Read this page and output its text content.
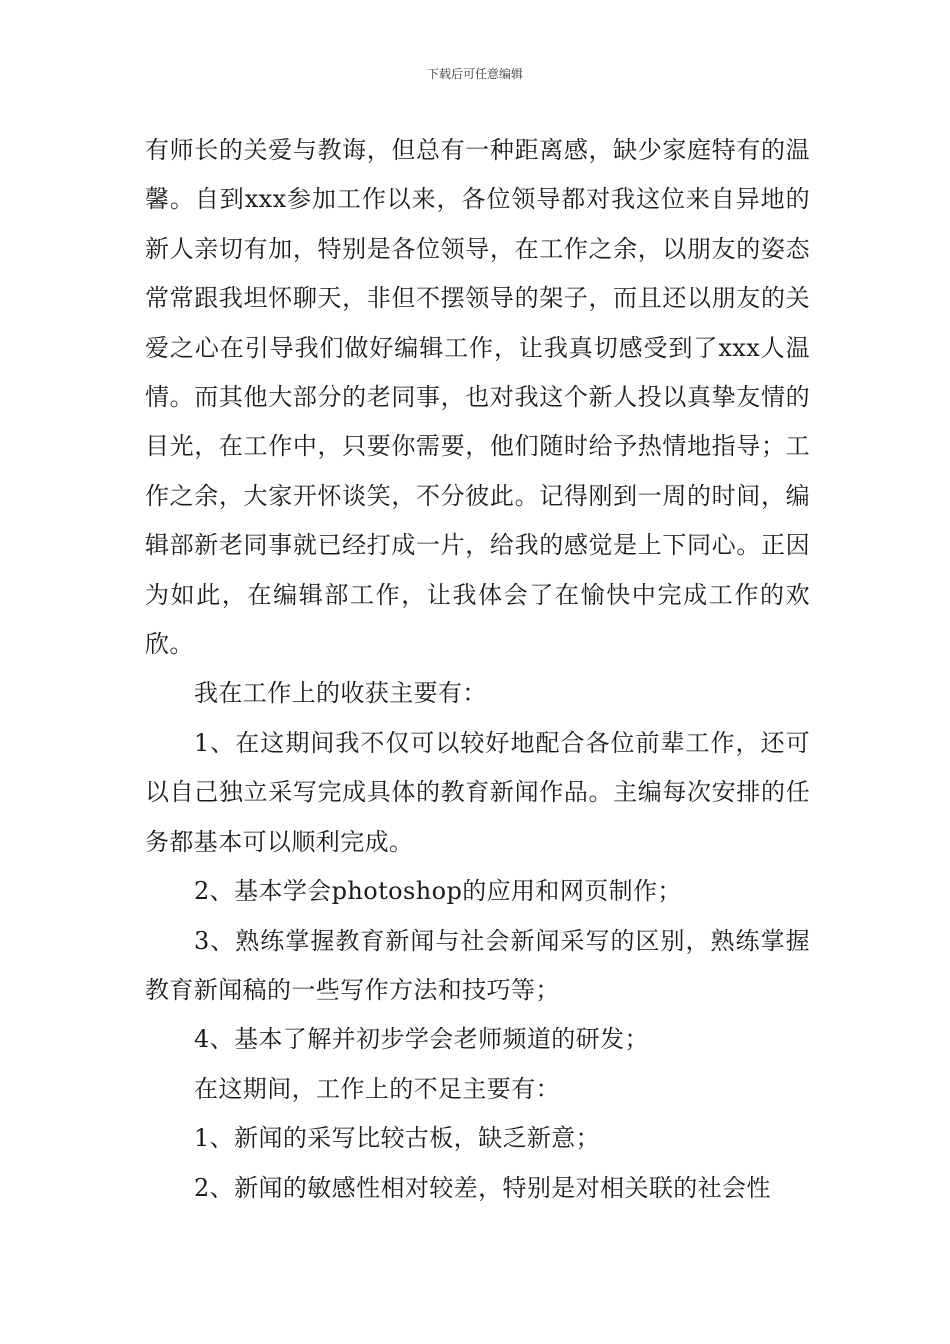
下载后可任意编辑

有师长的关爱与教诲，但总有一种距离感，缺少家庭特有的温馨。自到xxx参加工作以来，各位领导都对我这位来自异地的新人亲切有加，特别是各位领导，在工作之余，以朋友的姿态常常跟我坦怀聊天，非但不摆领导的架子，而且还以朋友的关爱之心在引导我们做好编辑工作，让我真切感受到了xxx人温情。而其他大部分的老同事，也对我这个新人投以真挚友情的目光，在工作中，只要你需要，他们随时给予热情地指导；工作之余，大家开怀谈笑，不分彼此。记得刚到一周的时间，编辑部新老同事就已经打成一片，给我的感觉是上下同心。正因为如此，在编辑部工作，让我体会了在愉快中完成工作的欢欣。

我在工作上的收获主要有：

1、在这期间我不仅可以较好地配合各位前辈工作，还可以自己独立采写完成具体的教育新闻作品。主编每次安排的任务都基本可以顺利完成。

2、基本学会photoshop的应用和网页制作；

3、熟练掌握教育新闻与社会新闻采写的区别，熟练掌握教育新闻稿的一些写作方法和技巧等；

4、基本了解并初步学会老师频道的研发；

在这期间，工作上的不足主要有：

1、新闻的采写比较古板，缺乏新意；

2、新闻的敏感性相对较差，特别是对相关联的社会性
